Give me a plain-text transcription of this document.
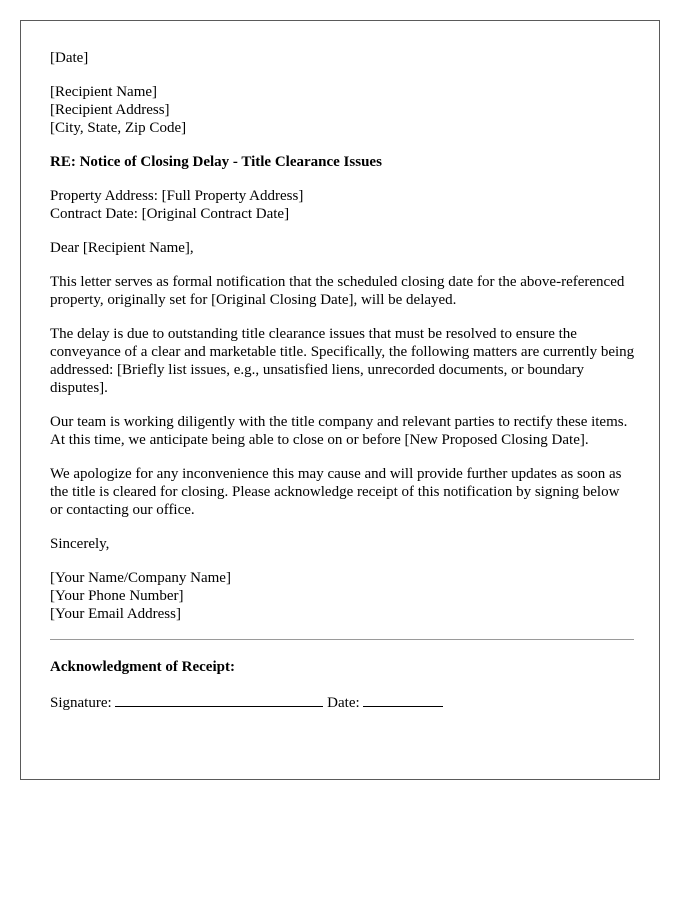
[Date]
[Recipient Name]
[Recipient Address]
[City, State, Zip Code]
RE: Notice of Closing Delay - Title Clearance Issues
Property Address: [Full Property Address]
Contract Date: [Original Contract Date]
Dear [Recipient Name],

This letter serves as formal notification that the scheduled closing date for the above-referenced property, originally set for [Original Closing Date], will be delayed.

The delay is due to outstanding title clearance issues that must be resolved to ensure the conveyance of a clear and marketable title. Specifically, the following matters are currently being addressed: [Briefly list issues, e.g., unsatisfied liens, unrecorded documents, or boundary disputes].

Our team is working diligently with the title company and relevant parties to rectify these items. At this time, we anticipate being able to close on or before [New Proposed Closing Date].

We apologize for any inconvenience this may cause and will provide further updates as soon as the title is cleared for closing. Please acknowledge receipt of this notification by signing below or contacting our office.

Sincerely,
[Your Name/Company Name]
[Your Phone Number]
[Your Email Address]
Acknowledgment of Receipt:
Signature:	Date:
